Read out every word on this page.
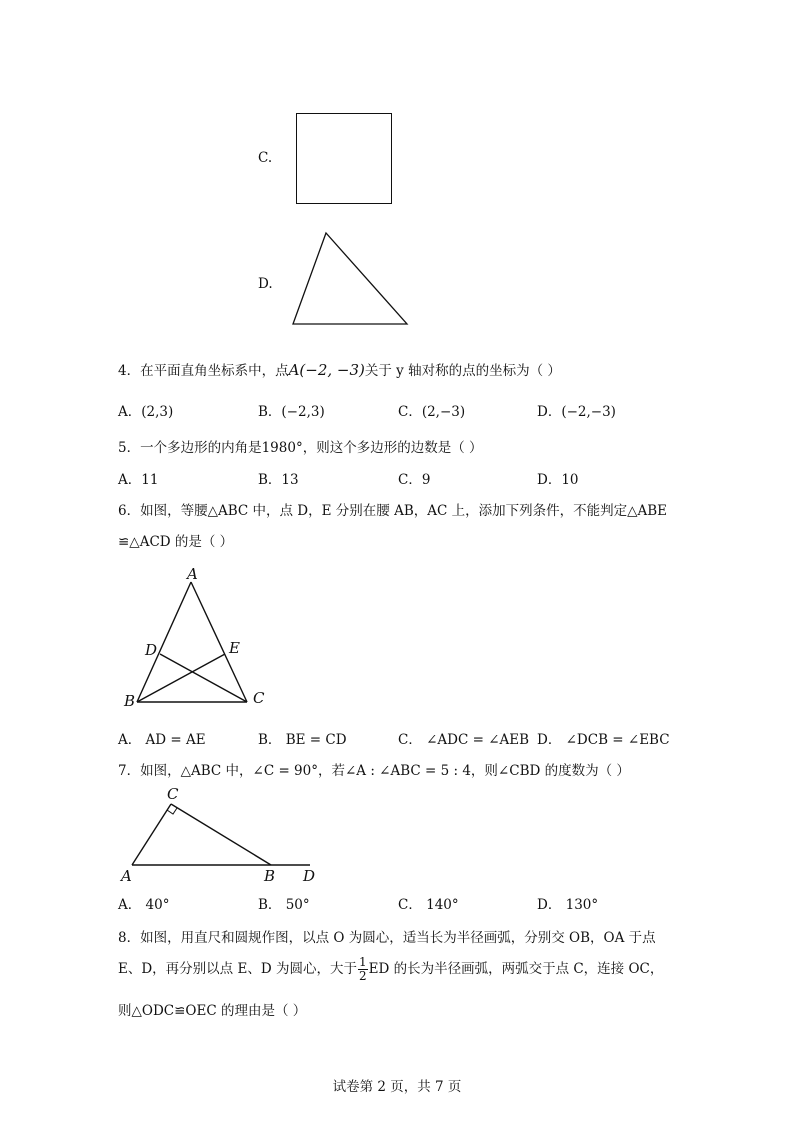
C.
D.
4．在平面直角坐标系中，点A(−2, −3)关于 y 轴对称的点的坐标为（ ）
A．(2,3)	B．(−2,3)	C．(2,−3)	D．(−2,−3)
5．一个多边形的内角是1980°，则这个多边形的边数是（ ）
A．11	B．13	C．9	D．10
6．如图，等腰△ABC 中，点 D，E 分别在腰 AB，AC 上，添加下列条件，不能判定△ABE
≌△ACD 的是（ ）
A
D	E
B	C
A． AD = AE	B． BE = CD	C． ∠ADC = ∠AEB D． ∠DCB = ∠EBC
7．如图，△ABC 中，∠C = 90°，若∠A : ∠ABC = 5 : 4，则∠CBD 的度数为（ ）
C
A	B D
A． 40°	B． 50°	C． 140°	D． 130°
8．如图，用直尺和圆规作图，以点 O 为圆心，适当长为半径画弧，分别交 OB，OA 于点
E、D，再分别以点 E、D 为圆心，大于 $\frac{1}{2}$ ED 的长为半径画弧，两弧交于点 C，连接 OC，
则△ODC≌OEC 的理由是（ ）
试卷第 2 页，共 7 页
